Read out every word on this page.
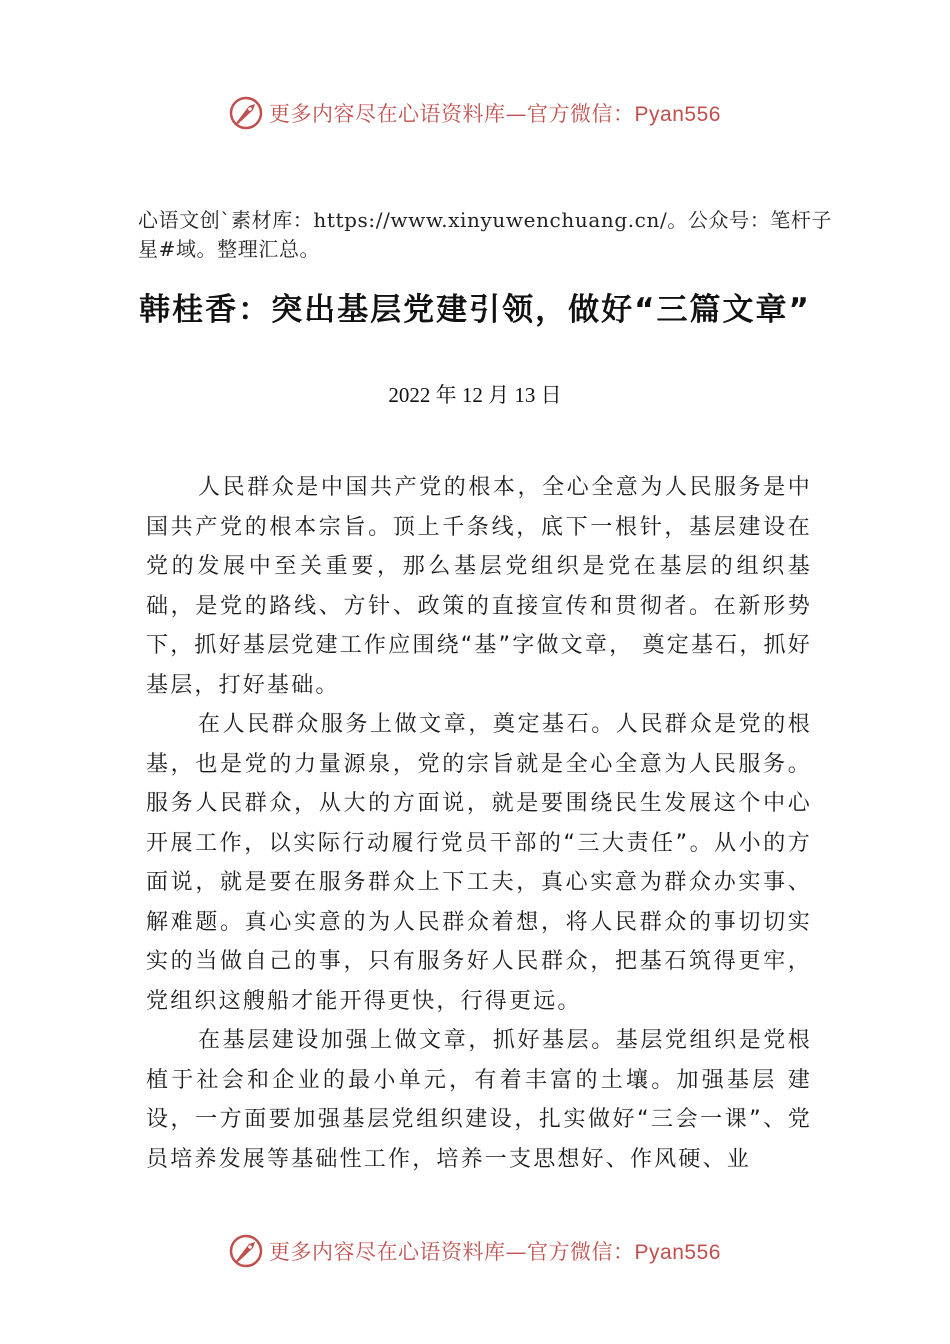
更多内容尽在心语资料库—官方微信：Pyan556
心语文创`素材库：https://www.xinyuwenchuang.cn/。公众号：笔杆子星#域。整理汇总。
韩桂香：突出基层党建引领，做好“三篇文章”
2022 年 12 月 13 日

人民群众是中国共产党的根本，全心全意为人民服务是中国共产党的根本宗旨。顶上千条线，底下一根针，基层建设在党的发展中至关重要，那么基层党组织是党在基层的组织基础，是党的路线、方针、政策的直接宣传和贯彻者。在新形势下，抓好基层党建工作应围绕“基”字做文章， 奠定基石，抓好基层，打好基础。

在人民群众服务上做文章，奠定基石。人民群众是党的根基，也是党的力量源泉，党的宗旨就是全心全意为人民服务。服务人民群众，从大的方面说，就是要围绕民生发展这个中心开展工作，以实际行动履行党员干部的“三大责任”。从小的方面说，就是要在服务群众上下工夫，真心实意为群众办实事、解难题。真心实意的为人民群众着想，将人民群众的事切切实实的当做自己的事，只有服务好人民群众，把基石筑得更牢，党组织这艘船才能开得更快，行得更远。

在基层建设加强上做文章，抓好基层。基层党组织是党根植于社会和企业的最小单元，有着丰富的土壤。加强基层 建设，一方面要加强基层党组织建设，扎实做好“三会一课”、党员培养发展等基础性工作，培养一支思想好、作风硬、业

更多内容尽在心语资料库—官方微信：Pyan556
